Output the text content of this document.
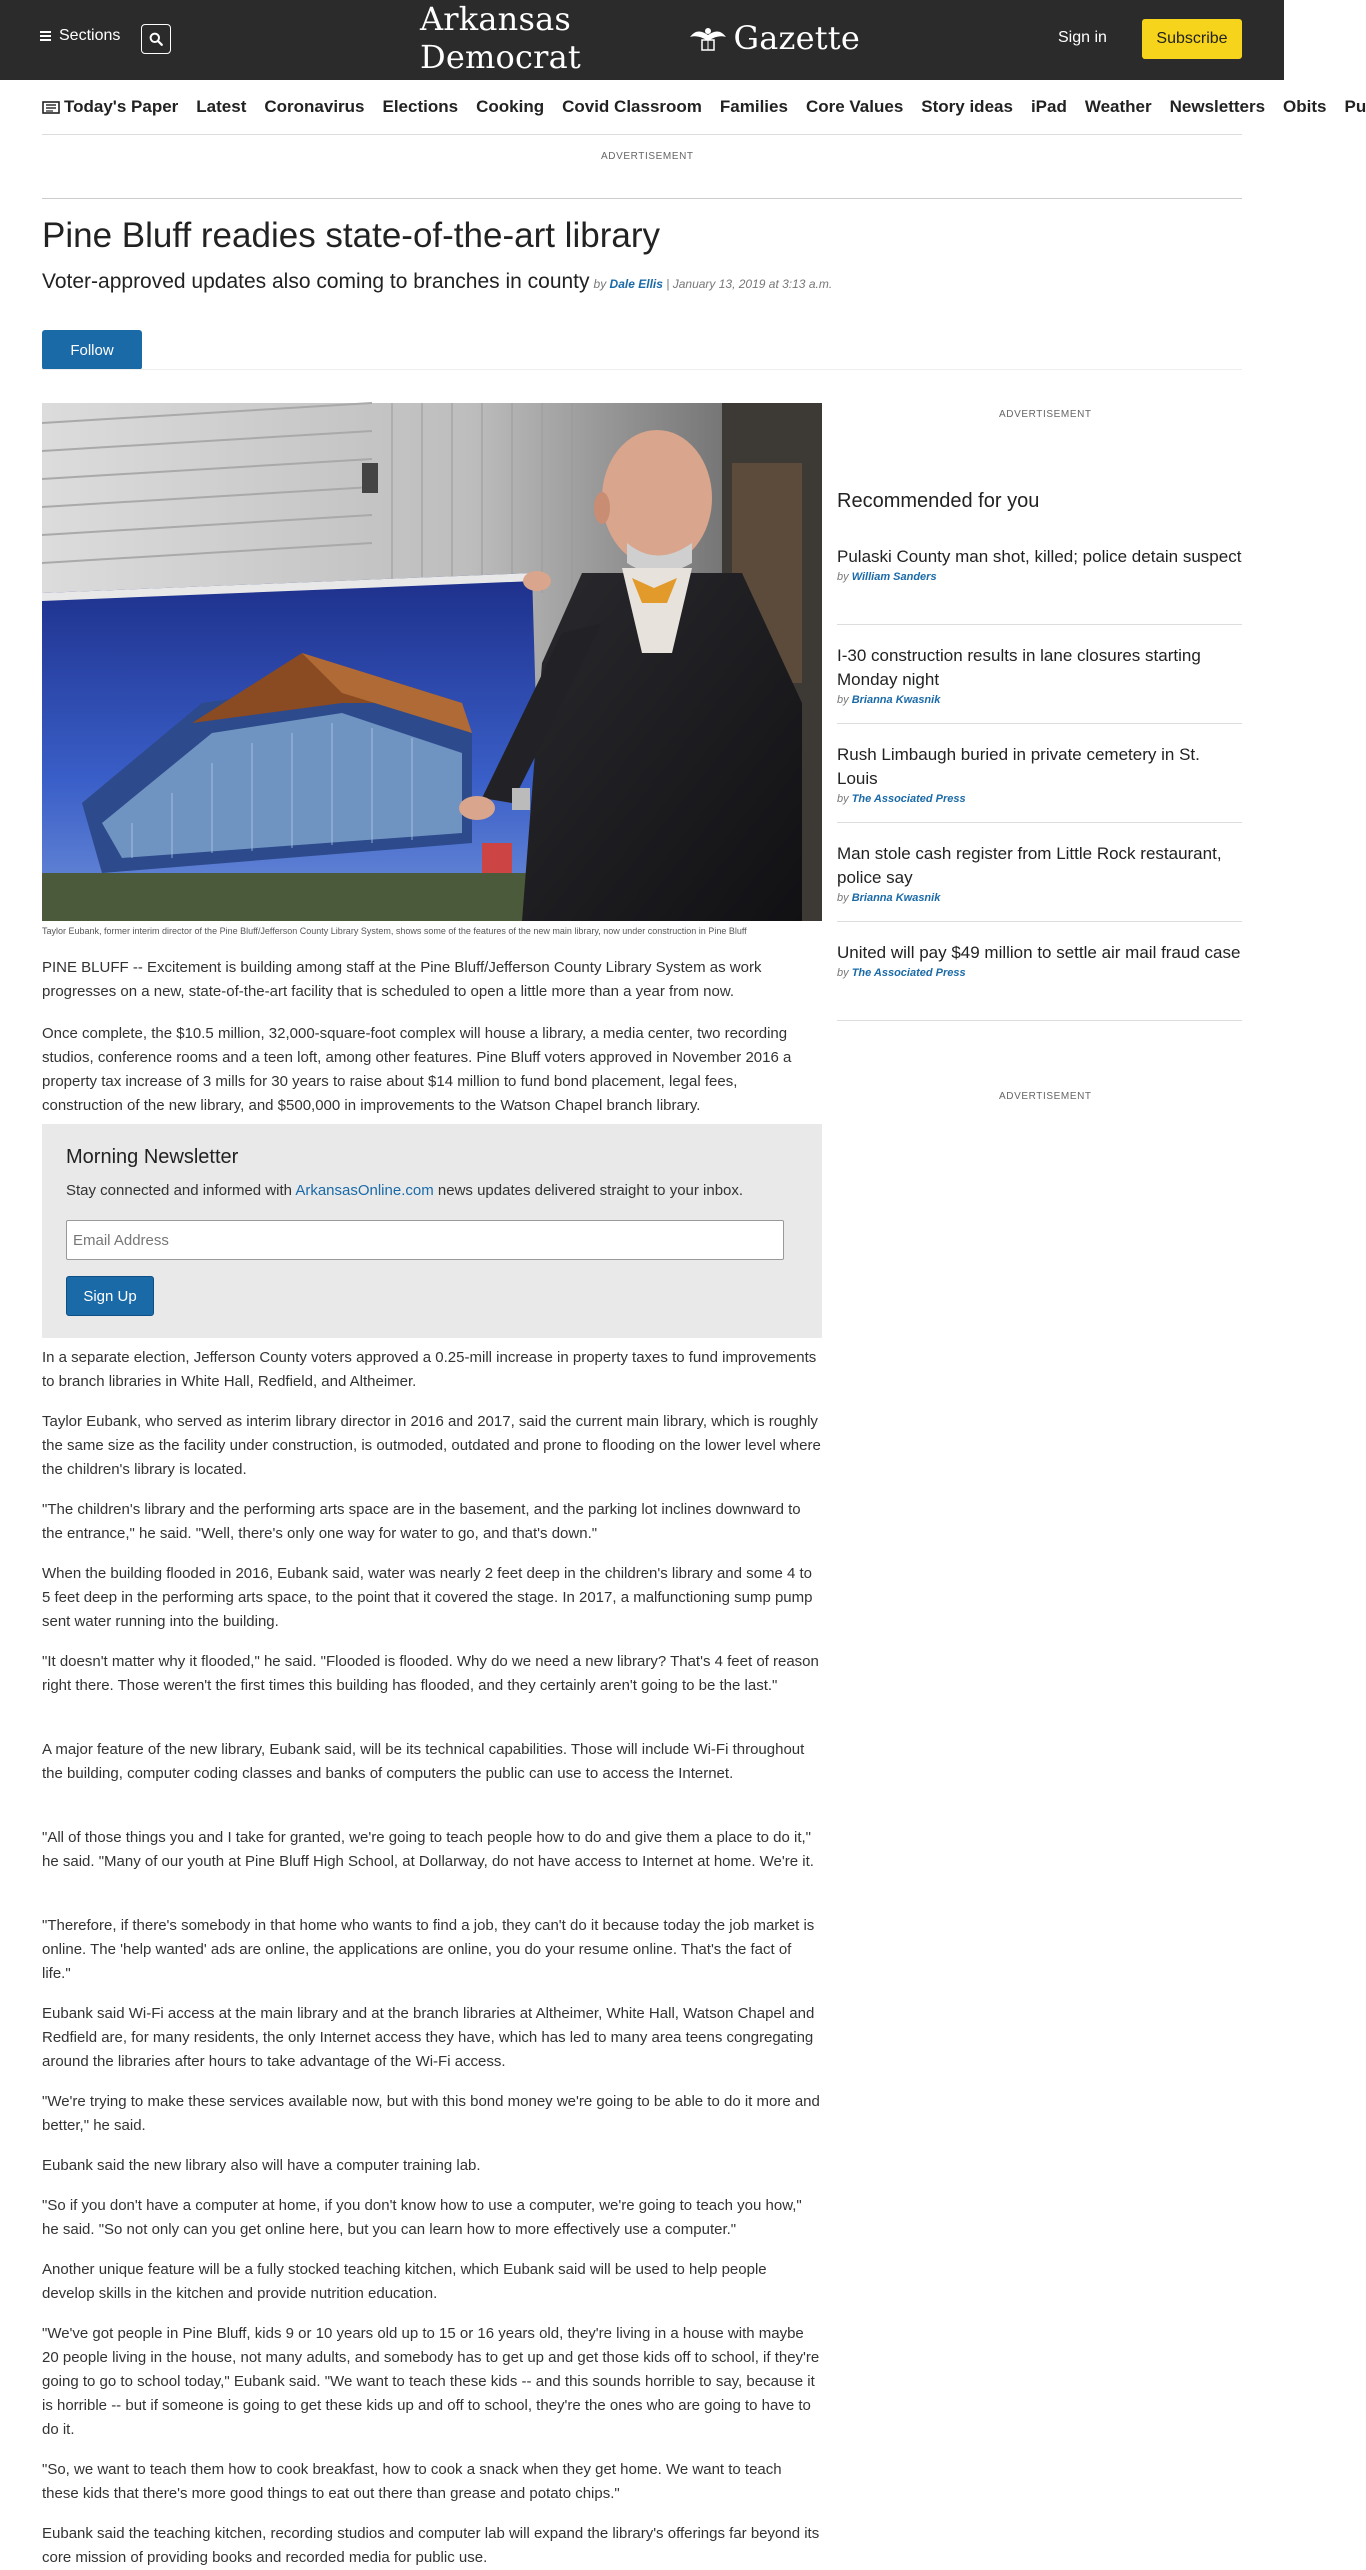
Sections	Arkansas Democrat	Gazette	Sign in	Subscribe
Today's Paper Latest Coronavirus Elections Cooking Covid Classroom Families Core Values Story ideas iPad Weather Newsletters Obits Pu
ADVERTISEMENT
Pine Bluff readies state-of-the-art library
Voter-approved updates also coming to branches in county by Dale Ellis | January 13, 2019 at 3:13 a.m.
Follow
Taylor Eubank, former interim director of the Pine Bluff/Jefferson County Library System, shows some of the features of the new main library, now under construction in Pine Bluff

PINE BLUFF -- Excitement is building among staff at the Pine Bluff/Jefferson County Library System as work progresses on a new, state-of-the-art facility that is scheduled to open a little more than a year from now.

Once complete, the $10.5 million, 32,000-square-foot complex will house a library, a media center, two recording studios, conference rooms and a teen loft, among other features. Pine Bluff voters approved in November 2016 a property tax increase of 3 mills for 30 years to raise about $14 million to fund bond placement, legal fees, construction of the new library, and $500,000 in improvements to the Watson Chapel branch library.

Morning Newsletter
Stay connected and informed with ArkansasOnline.com news updates delivered straight to your inbox.
Email Address
Sign Up

In a separate election, Jefferson County voters approved a 0.25-mill increase in property taxes to fund improvements to branch libraries in White Hall, Redfield, and Altheimer.

Taylor Eubank, who served as interim library director in 2016 and 2017, said the current main library, which is roughly the same size as the facility under construction, is outmoded, outdated and prone to flooding on the lower level where the children's library is located.

"The children's library and the performing arts space are in the basement, and the parking lot inclines downward to the entrance," he said. "Well, there's only one way for water to go, and that's down."

When the building flooded in 2016, Eubank said, water was nearly 2 feet deep in the children's library and some 4 to 5 feet deep in the performing arts space, to the point that it covered the stage. In 2017, a malfunctioning sump pump sent water running into the building.

"It doesn't matter why it flooded," he said. "Flooded is flooded. Why do we need a new library? That's 4 feet of reason right there. Those weren't the first times this building has flooded, and they certainly aren't going to be the last."

A major feature of the new library, Eubank said, will be its technical capabilities. Those will include Wi-Fi throughout the building, computer coding classes and banks of computers the public can use to access the Internet.

"All of those things you and I take for granted, we're going to teach people how to do and give them a place to do it," he said. "Many of our youth at Pine Bluff High School, at Dollarway, do not have access to Internet at home. We're it.

"Therefore, if there's somebody in that home who wants to find a job, they can't do it because today the job market is online. The 'help wanted' ads are online, the applications are online, you do your resume online. That's the fact of life."

Eubank said Wi-Fi access at the main library and at the branch libraries at Altheimer, White Hall, Watson Chapel and Redfield are, for many residents, the only Internet access they have, which has led to many area teens congregating around the libraries after hours to take advantage of the Wi-Fi access.

"We're trying to make these services available now, but with this bond money we're going to be able to do it more and better," he said.

Eubank said the new library also will have a computer training lab.

"So if you don't have a computer at home, if you don't know how to use a computer, we're going to teach you how," he said. "So not only can you get online here, but you can learn how to more effectively use a computer."

Another unique feature will be a fully stocked teaching kitchen, which Eubank said will be used to help people develop skills in the kitchen and provide nutrition education.

"We've got people in Pine Bluff, kids 9 or 10 years old up to 15 or 16 years old, they're living in a house with maybe 20 people living in the house, not many adults, and somebody has to get up and get those kids off to school, if they're going to go to school today," Eubank said. "We want to teach these kids -- and this sounds horrible to say, because it is horrible -- but if someone is going to get these kids up and off to school, they're the ones who are going to have to do it.

"So, we want to teach them how to cook breakfast, how to cook a snack when they get home. We want to teach these kids that there's more good things to eat out there than grease and potato chips."

Eubank said the teaching kitchen, recording studios and computer lab will expand the library's offerings far beyond its core mission of providing books and recorded media for public use.

ADVERTISEMENT
Recommended for you
Pulaski County man shot, killed; police detain suspect
by William Sanders
I-30 construction results in lane closures starting Monday night
by Brianna Kwasnik
Rush Limbaugh buried in private cemetery in St. Louis
by The Associated Press
Man stole cash register from Little Rock restaurant, police say
by Brianna Kwasnik
United will pay $49 million to settle air mail fraud case
by The Associated Press
ADVERTISEMENT
